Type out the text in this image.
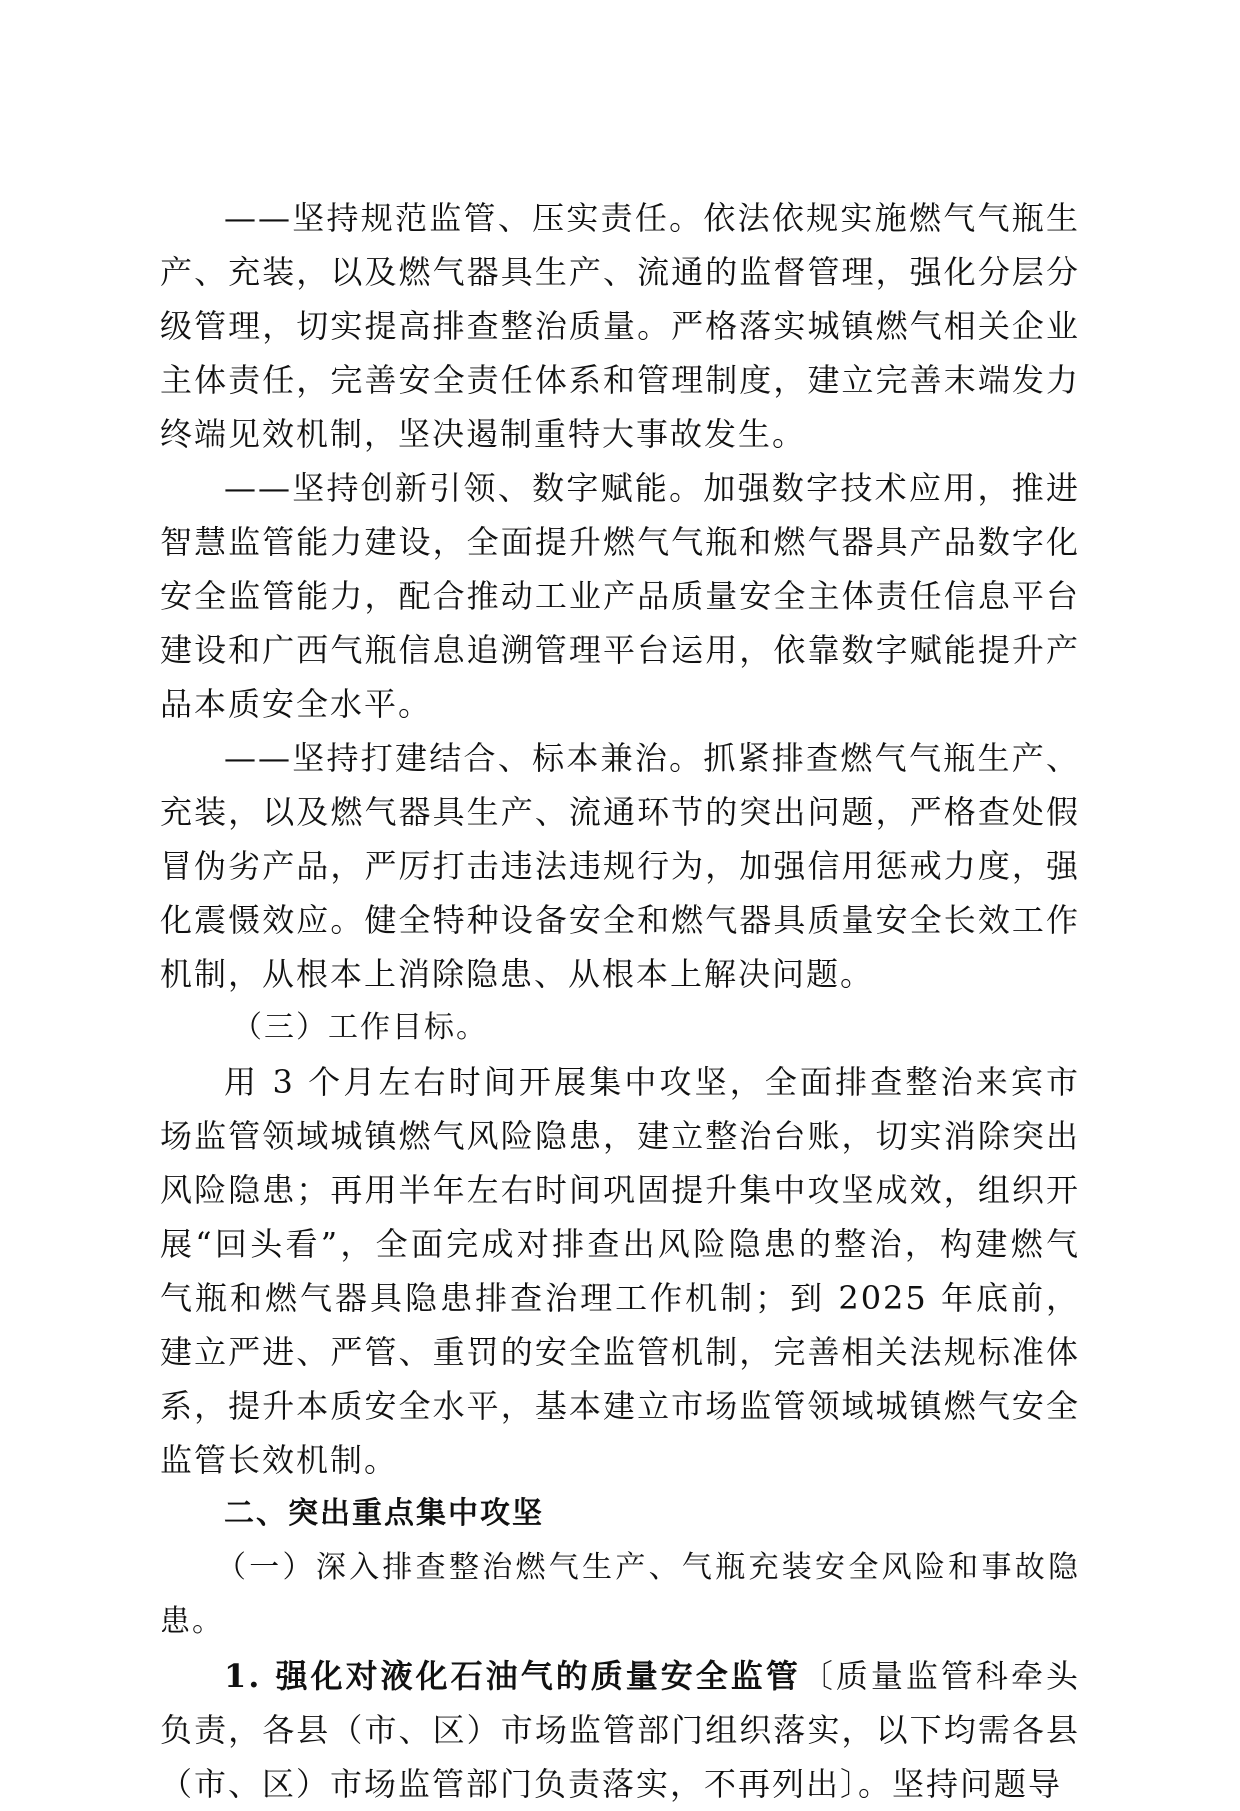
——坚持规范监管、压实责任。依法依规实施燃气气瓶生产、充装，以及燃气器具生产、流通的监督管理，强化分层分级管理，切实提高排查整治质量。严格落实城镇燃气相关企业主体责任，完善安全责任体系和管理制度，建立完善末端发力终端见效机制，坚决遏制重特大事故发生。

——坚持创新引领、数字赋能。加强数字技术应用，推进智慧监管能力建设，全面提升燃气气瓶和燃气器具产品数字化安全监管能力，配合推动工业产品质量安全主体责任信息平台建设和广西气瓶信息追溯管理平台运用，依靠数字赋能提升产品本质安全水平。

——坚持打建结合、标本兼治。抓紧排查燃气气瓶生产、充装，以及燃气器具生产、流通环节的突出问题，严格查处假冒伪劣产品，严厉打击违法违规行为，加强信用惩戒力度，强化震慑效应。健全特种设备安全和燃气器具质量安全长效工作机制，从根本上消除隐患、从根本上解决问题。

（三）工作目标。

用 3 个月左右时间开展集中攻坚，全面排查整治来宾市场监管领域城镇燃气风险隐患，建立整治台账，切实消除突出风险隐患；再用半年左右时间巩固提升集中攻坚成效，组织开展“回头看”，全面完成对排查出风险隐患的整治，构建燃气气瓶和燃气器具隐患排查治理工作机制；到 2025 年底前，建立严进、严管、重罚的安全监管机制，完善相关法规标准体系，提升本质安全水平，基本建立市场监管领域城镇燃气安全监管长效机制。

二、突出重点集中攻坚

（一）深入排查整治燃气生产、气瓶充装安全风险和事故隐患。

1. 强化对液化石油气的质量安全监管〔质量监管科牵头负责，各县（市、区）市场监管部门组织落实，以下均需各县（市、区）市场监管部门负责落实，不再列出〕。坚持问题导
